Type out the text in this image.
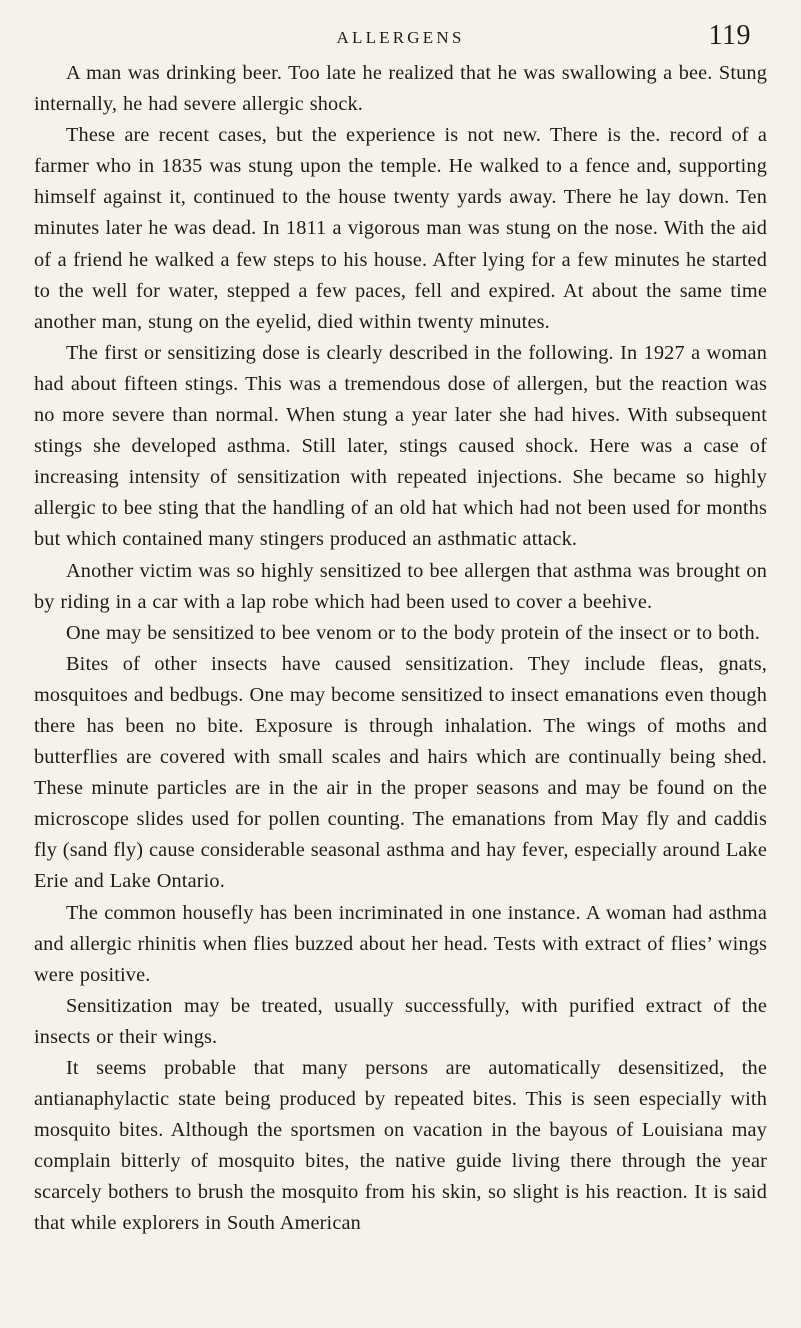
ALLERGENS	119

A man was drinking beer. Too late he realized that he was swallowing a bee. Stung internally, he had severe allergic shock.

These are recent cases, but the experience is not new. There is the. record of a farmer who in 1835 was stung upon the temple. He walked to a fence and, supporting himself against it, continued to the house twenty yards away. There he lay down. Ten minutes later he was dead. In 1811 a vigorous man was stung on the nose. With the aid of a friend he walked a few steps to his house. After lying for a few minutes he started to the well for water, stepped a few paces, fell and expired. At about the same time another man, stung on the eyelid, died within twenty minutes.

The first or sensitizing dose is clearly described in the following. In 1927 a woman had about fifteen stings. This was a tremendous dose of allergen, but the reaction was no more severe than normal. When stung a year later she had hives. With subsequent stings she developed asthma. Still later, stings caused shock. Here was a case of increasing intensity of sensitization with repeated injections. She became so highly allergic to bee sting that the handling of an old hat which had not been used for months but which contained many stingers produced an asthmatic attack.

Another victim was so highly sensitized to bee allergen that asthma was brought on by riding in a car with a lap robe which had been used to cover a beehive.

One may be sensitized to bee venom or to the body protein of the insect or to both.

Bites of other insects have caused sensitization. They include fleas, gnats, mosquitoes and bedbugs. One may become sensitized to insect emanations even though there has been no bite. Exposure is through inhalation. The wings of moths and butterflies are covered with small scales and hairs which are continually being shed. These minute particles are in the air in the proper seasons and may be found on the microscope slides used for pollen counting. The emanations from May fly and caddis fly (sand fly) cause considerable seasonal asthma and hay fever, especially around Lake Erie and Lake Ontario.

The common housefly has been incriminated in one instance. A woman had asthma and allergic rhinitis when flies buzzed about her head. Tests with extract of flies’ wings were positive.

Sensitization may be treated, usually successfully, with purified extract of the insects or their wings.

It seems probable that many persons are automatically desensitized, the antianaphylactic state being produced by repeated bites. This is seen especially with mosquito bites. Although the sportsmen on vacation in the bayous of Louisiana may complain bitterly of mosquito bites, the native guide living there through the year scarcely bothers to brush the mosquito from his skin, so slight is his reaction. It is said that while explorers in South American
